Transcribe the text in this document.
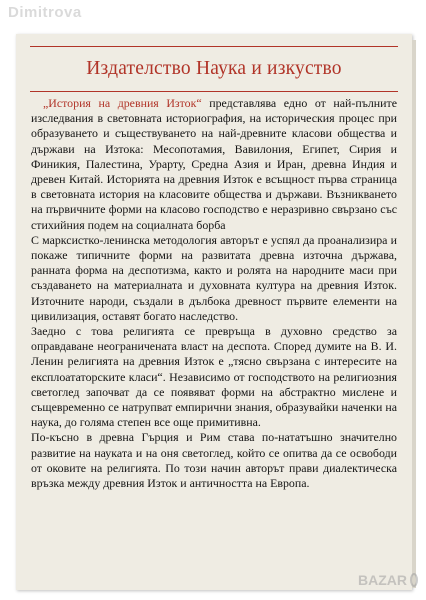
Dimitrova
Издателство Наука и изкуство

„История на древния Изток“ представлява едно от най-пълните изследвания в световната историография, на историческия процес при образуването и съществуването на най-древните класови общества и държави на Изтока: Месопотамия, Вавилония, Египет, Сирия и Финикия, Палестина, Урарту, Средна Азия и Иран, древна Индия и древен Китай. Историята на древния Изток е всъщност първа страница в световната история на класовите общества и държави. Възникването на първичните форми на класово господство е неразривно свързано със стихийния подем на социалната борба

С марксистко-ленинска методология авторът е успял да проанализира и покаже типичните форми на развитата древна източна държава, ранната форма на деспотизма, както и ролята на народните маси при създаването на материалната и духовната култура на древния Изток. Източните народи, създали в дълбока древност първите елементи на цивилизация, оставят богато наследство.

Заедно с това религията се превръща в духовно средство за оправдаване неограничената власт на деспота. Според думите на В. И. Ленин религията на древния Изток е „тясно свързана с интересите на експлоататорските класи“. Независимо от господството на религиозния светоглед започват да се появяват форми на абстрактно мислене и същевременно се натрупват емпирични знания, образувайки наченки на наука, до голяма степен все още примитивна.

По-късно в древна Гърция и Рим става по-нататъшно значително развитие на науката и на оня светоглед, който се опитва да се освободи от оковите на религията. По този начин авторът прави диалектическа връзка между древния Изток и античността на Европа.

BAZAR
